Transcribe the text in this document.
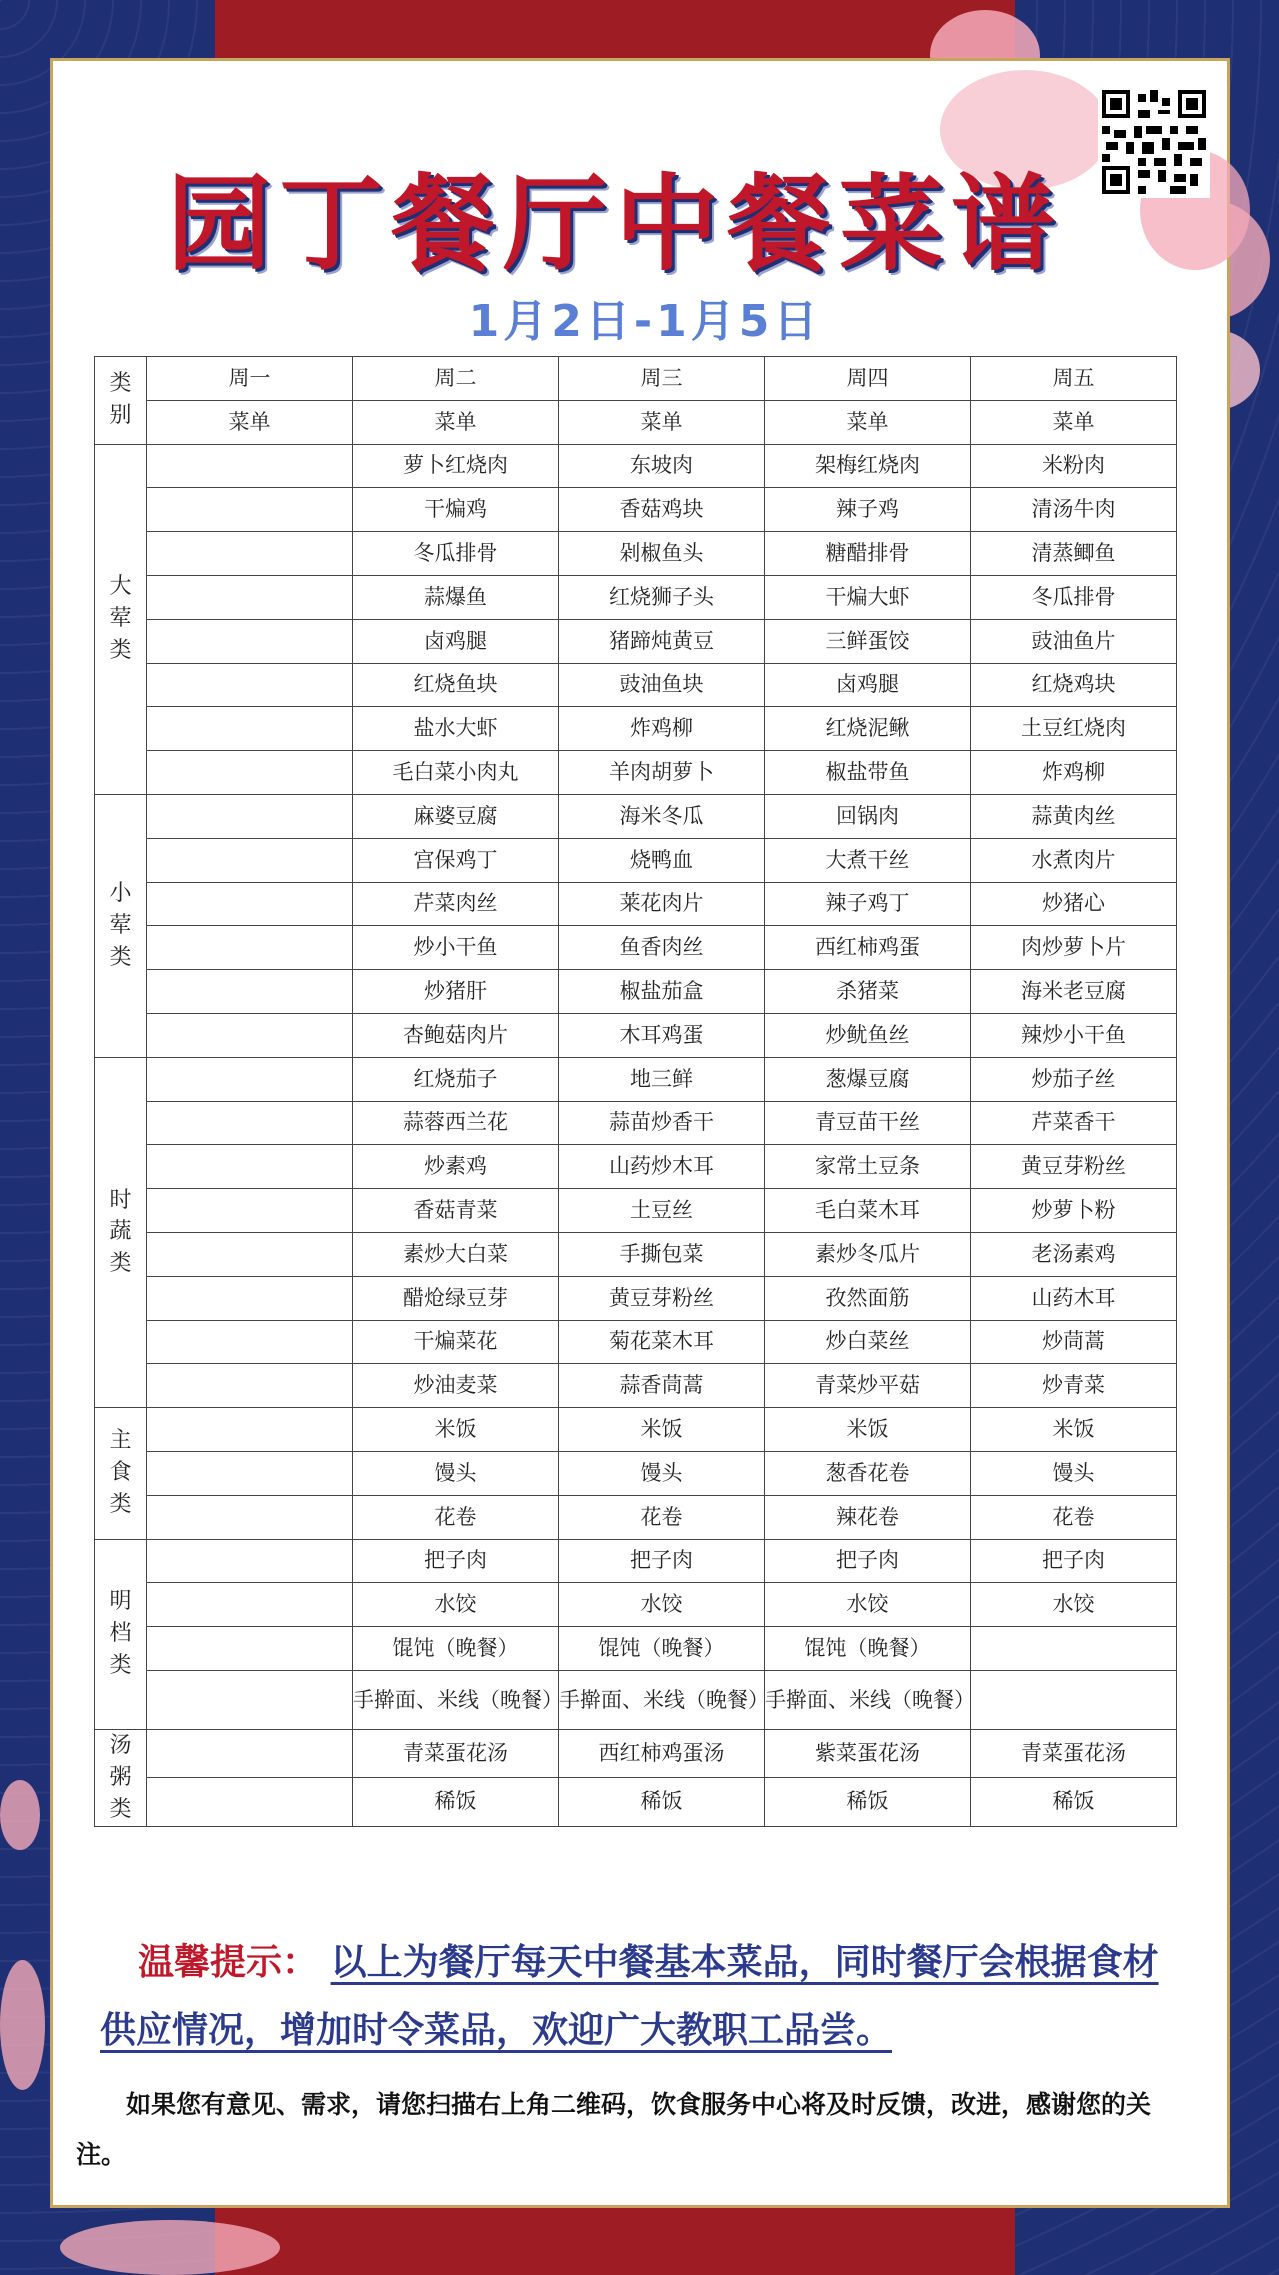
园丁餐厅中餐菜谱
1月2日-1月5日
类别	周一	周二	周三	周四	周五
	菜单	菜单	菜单	菜单	菜单
大荤类		萝卜红烧肉	东坡肉	架梅红烧肉	米粉肉
		干煸鸡	香菇鸡块	辣子鸡	清汤牛肉
		冬瓜排骨	剁椒鱼头	糖醋排骨	清蒸鲫鱼
		蒜爆鱼	红烧狮子头	干煸大虾	冬瓜排骨
		卤鸡腿	猪蹄炖黄豆	三鲜蛋饺	豉油鱼片
		红烧鱼块	豉油鱼块	卤鸡腿	红烧鸡块
		盐水大虾	炸鸡柳	红烧泥鳅	土豆红烧肉
		毛白菜小肉丸	羊肉胡萝卜	椒盐带鱼	炸鸡柳
小荤类		麻婆豆腐	海米冬瓜	回锅肉	蒜黄肉丝
		宫保鸡丁	烧鸭血	大煮干丝	水煮肉片
		芹菜肉丝	莱花肉片	辣子鸡丁	炒猪心
		炒小干鱼	鱼香肉丝	西红柿鸡蛋	肉炒萝卜片
		炒猪肝	椒盐茄盒	杀猪菜	海米老豆腐
		杏鲍菇肉片	木耳鸡蛋	炒鱿鱼丝	辣炒小干鱼
时蔬类		红烧茄子	地三鲜	葱爆豆腐	炒茄子丝
		蒜蓉西兰花	蒜苗炒香干	青豆苗干丝	芹菜香干
		炒素鸡	山药炒木耳	家常土豆条	黄豆芽粉丝
		香菇青菜	土豆丝	毛白菜木耳	炒萝卜粉
		素炒大白菜	手撕包菜	素炒冬瓜片	老汤素鸡
		醋炝绿豆芽	黄豆芽粉丝	孜然面筋	山药木耳
		干煸菜花	菊花菜木耳	炒白菜丝	炒茼蒿
		炒油麦菜	蒜香茼蒿	青菜炒平菇	炒青菜
主食类		米饭	米饭	米饭	米饭
		馒头	馒头	葱香花卷	馒头
		花卷	花卷	辣花卷	花卷
明档类		把子肉	把子肉	把子肉	把子肉
		水饺	水饺	水饺	水饺
		馄饨（晚餐）	馄饨（晚餐）	馄饨（晚餐）	
		手擀面、米线（晚餐）	手擀面、米线（晚餐）	手擀面、米线（晚餐）	
汤粥类		青菜蛋花汤	西红柿鸡蛋汤	紫菜蛋花汤	青菜蛋花汤
		稀饭	稀饭	稀饭	稀饭
温馨提示： 以上为餐厅每天中餐基本菜品，同时餐厅会根据食材供应情况，增加时令菜品，欢迎广大教职工品尝。
如果您有意见、需求，请您扫描右上角二维码，饮食服务中心将及时反馈，改进，感谢您的关注。
